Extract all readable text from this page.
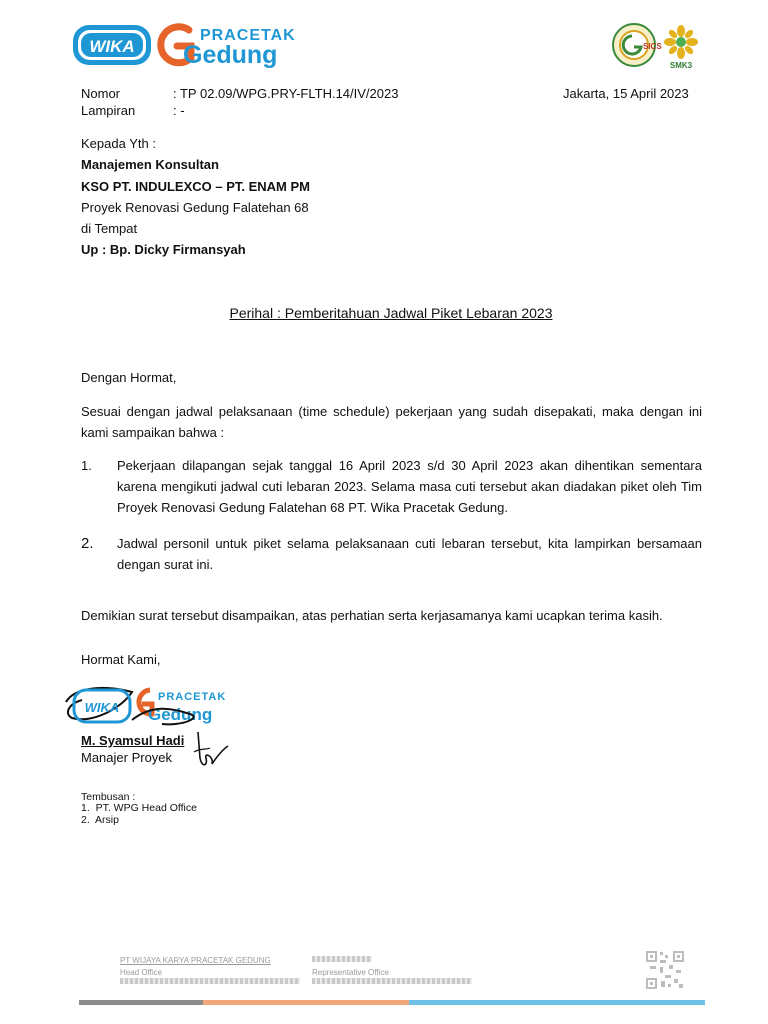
WIKA
PRACETAK
Gedung	SICS
SMK3
Nomor	: TP 02.09/WPG.PRY-FLTH.14/IV/2023
Lampiran	: -
Jakarta, 15 April 2023
Kepada Yth :
Manajemen Konsultan
KSO PT. INDULEXCO – PT. ENAM PM
Proyek Renovasi Gedung Falatehan 68
di Tempat
Up : Bp. Dicky Firmansyah
Perihal : Pemberitahuan Jadwal Piket Lebaran 2023
Dengan Hormat,
Sesuai dengan jadwal pelaksanaan (time schedule) pekerjaan yang sudah disepakati, maka dengan ini kami sampaikan bahwa :
1. Pekerjaan dilapangan sejak tanggal 16 April 2023 s/d 30 April 2023 akan dihentikan sementara karena mengikuti jadwal cuti lebaran 2023. Selama masa cuti tersebut akan diadakan piket oleh Tim Proyek Renovasi Gedung Falatehan 68 PT. Wika Pracetak Gedung.
2. Jadwal personil untuk piket selama pelaksanaan cuti lebaran tersebut, kita lampirkan bersamaan dengan surat ini.
Demikian surat tersebut disampaikan, atas perhatian serta kerjasamanya kami ucapkan terima kasih.
Hormat Kami,
WIKA
PRACETAK
Gedung
M. Syamsul Hadi
Manajer Proyek
Tembusan :
1.  PT. WPG Head Office
2.  Arsip
PT WIJAYA KARYA PRACETAK GEDUNG
Head Office	Representative Office
